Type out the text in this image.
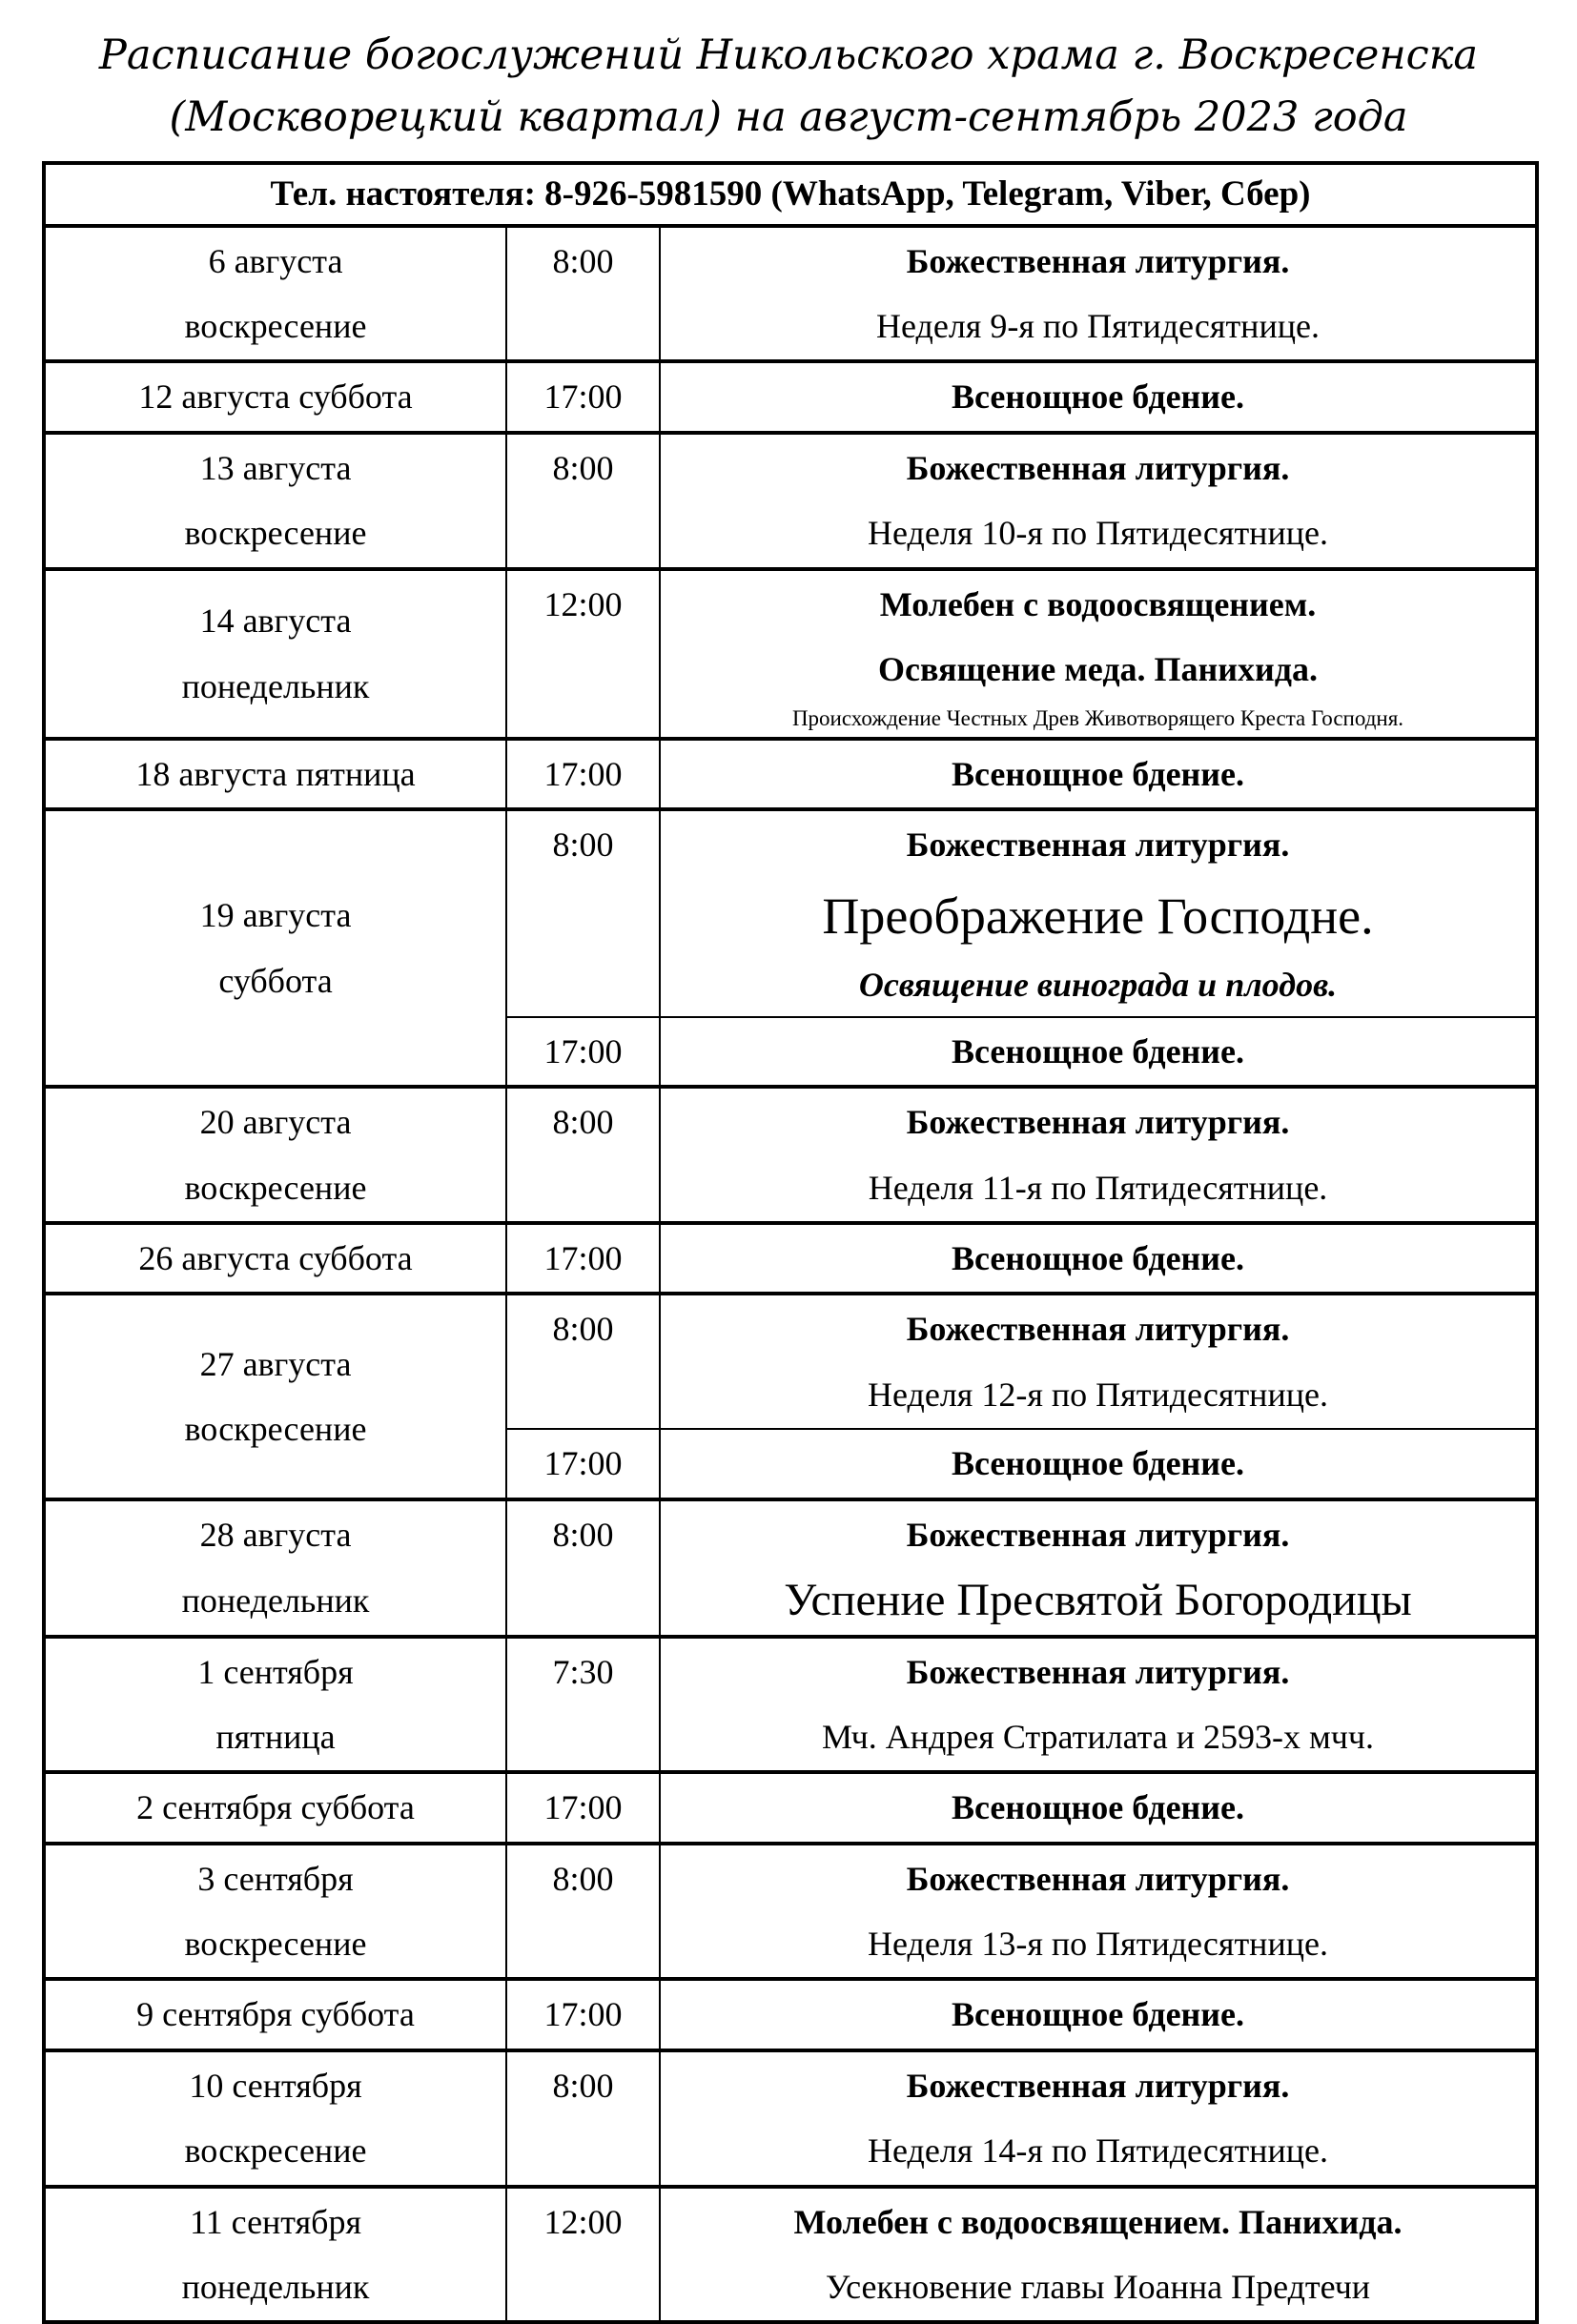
Расписание богослужений Никольского храма г. Воскресенска
(Москворецкий квартал) на август-сентябрь 2023 года
Тел. настоятеля: 8-926-5981590 (WhatsApp, Telegram, Viber, Сбер)		

6 августа
воскресение
	8:00	Божественная литургия.
Неделя 9-я по Пятидесятнице.

12 августа суббота	17:00	Всенощное бдение.

13 августа
воскресение
	8:00	Божественная литургия.
Неделя 10-я по Пятидесятнице.

14 августа
понедельник
	12:00	Молебен с водоосвящением.
Освящение меда. Панихида.
Происхождение Честных Древ Животворящего Креста Господня.

18 августа пятница	17:00	Всенощное бдение.

19 августа
суббота
	8:00	Божественная литургия.
Преображение Господне.
Освящение винограда и плодов.

	17:00	Всенощное бдение.

20 августа
воскресение
	8:00	Божественная литургия.
Неделя 11-я по Пятидесятнице.

26 августа суббота	17:00	Всенощное бдение.

27 августа
воскресение
	8:00	Божественная литургия.
Неделя 12-я по Пятидесятнице.

	17:00	Всенощное бдение.

28 августа
понедельник
	8:00	Божественная литургия.
Успение Пресвятой Богородицы

1 сентября
пятница
	7:30	Божественная литургия.
Мч. Андрея Стратилата и 2593-х мчч.

2 сентября суббота	17:00	Всенощное бдение.

3 сентября
воскресение
	8:00	Божественная литургия.
Неделя 13-я по Пятидесятнице.

9 сентября суббота	17:00	Всенощное бдение.

10 сентября
воскресение
	8:00	Божественная литургия.
Неделя 14-я по Пятидесятнице.

11 сентября
понедельник
	12:00	Молебен с водоосвящением. Панихида.
Усекновение главы Иоанна Предтечи
